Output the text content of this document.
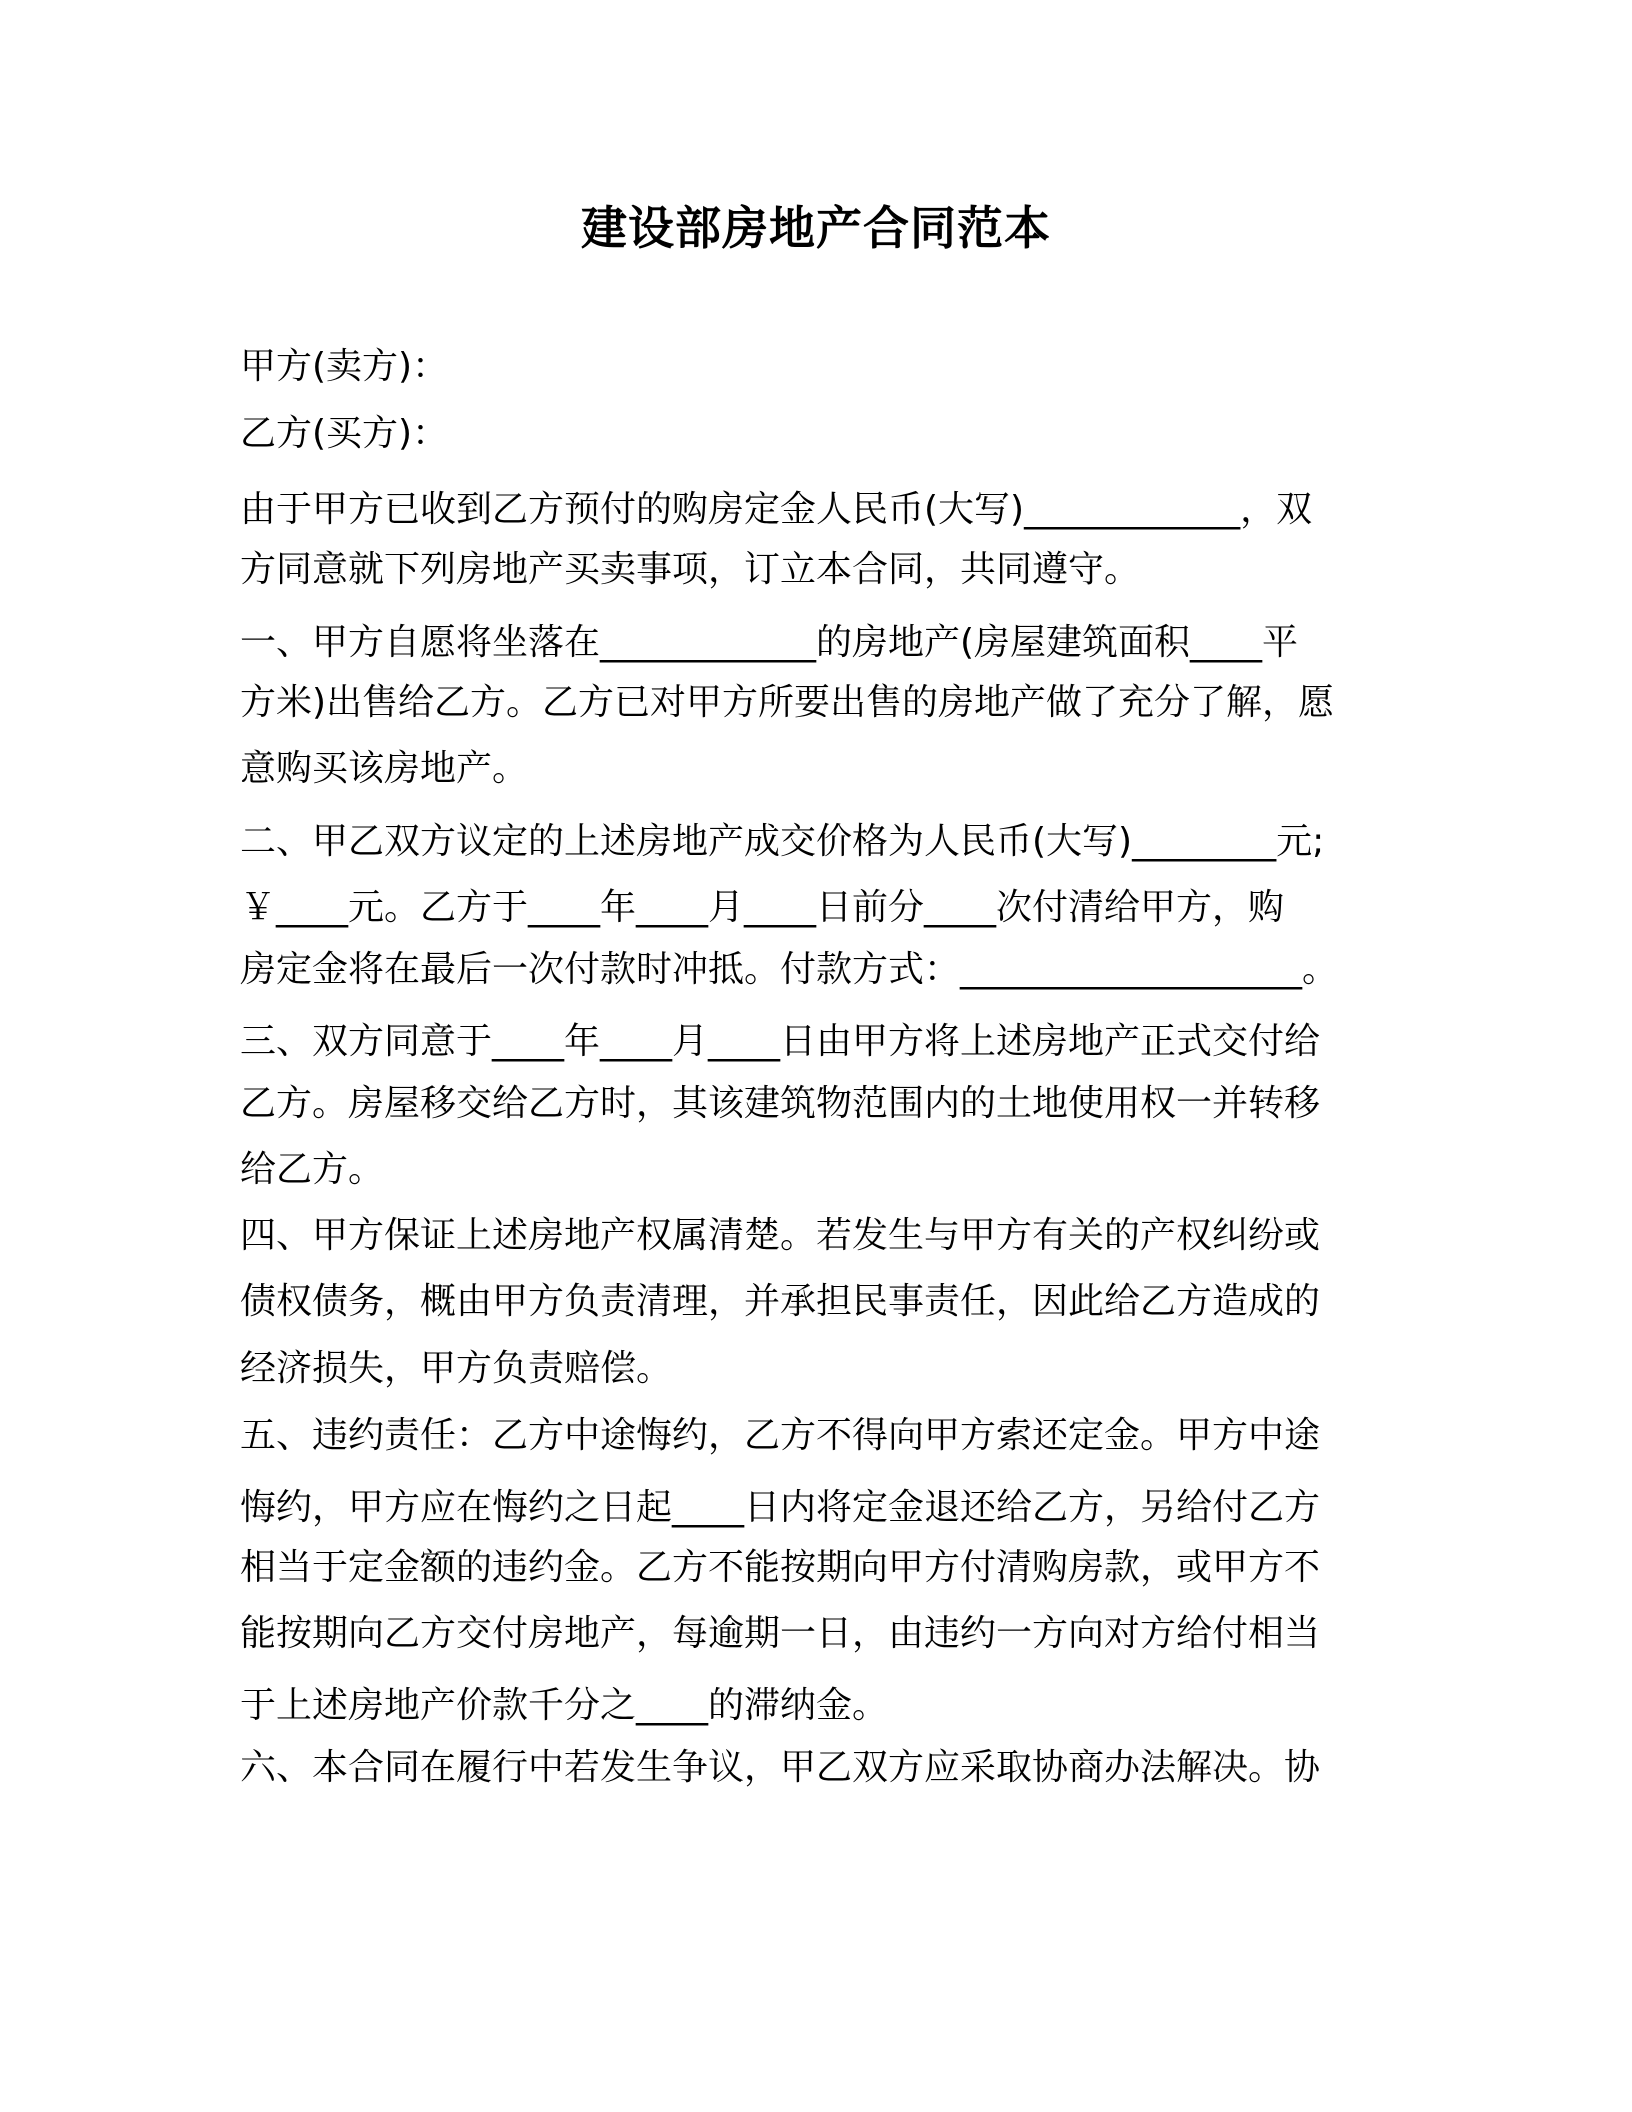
建设部房地产合同范本

甲方(卖方)：

乙方(买方)：

由于甲方已收到乙方预付的购房定金人民币(大写)____________，双

方同意就下列房地产买卖事项，订立本合同，共同遵守。

一、甲方自愿将坐落在____________的房地产(房屋建筑面积____平

方米)出售给乙方。乙方已对甲方所要出售的房地产做了充分了解，愿

意购买该房地产。

二、甲乙双方议定的上述房地产成交价格为人民币(大写)________元;

￥____元。乙方于____年____月____日前分____次付清给甲方，购

房定金将在最后一次付款时冲抵。付款方式：___________________。

三、双方同意于____年____月____日由甲方将上述房地产正式交付给

乙方。房屋移交给乙方时，其该建筑物范围内的土地使用权一并转移

给乙方。

四、甲方保证上述房地产权属清楚。若发生与甲方有关的产权纠纷或

债权债务，概由甲方负责清理，并承担民事责任，因此给乙方造成的

经济损失，甲方负责赔偿。

五、违约责任：乙方中途悔约，乙方不得向甲方索还定金。甲方中途

悔约，甲方应在悔约之日起____日内将定金退还给乙方，另给付乙方

相当于定金额的违约金。乙方不能按期向甲方付清购房款，或甲方不

能按期向乙方交付房地产，每逾期一日，由违约一方向对方给付相当

于上述房地产价款千分之____的滞纳金。

六、本合同在履行中若发生争议，甲乙双方应采取协商办法解决。协
